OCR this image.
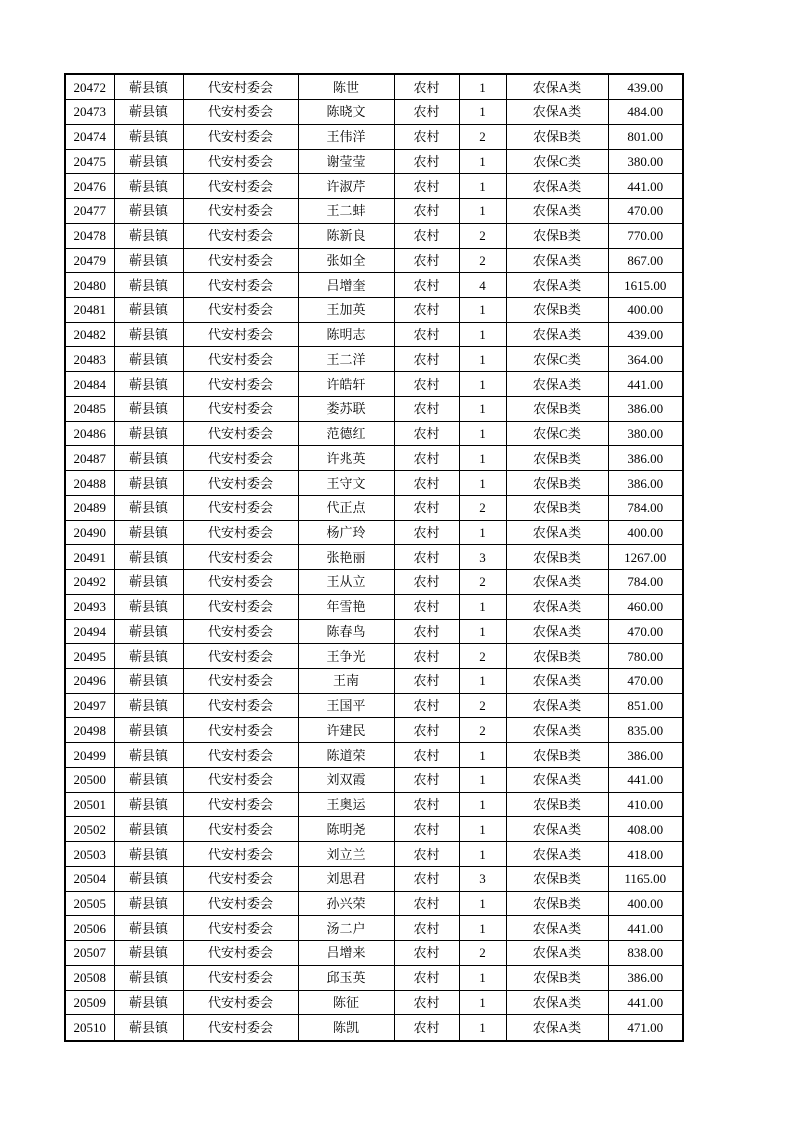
20472	蕲县镇	代安村委会	陈世	农村	1	农保A类	439.00
20473	蕲县镇	代安村委会	陈晓文	农村	1	农保A类	484.00
20474	蕲县镇	代安村委会	王伟洋	农村	2	农保B类	801.00
20475	蕲县镇	代安村委会	谢莹莹	农村	1	农保C类	380.00
20476	蕲县镇	代安村委会	许淑芹	农村	1	农保A类	441.00
20477	蕲县镇	代安村委会	王二蚌	农村	1	农保A类	470.00
20478	蕲县镇	代安村委会	陈新良	农村	2	农保B类	770.00
20479	蕲县镇	代安村委会	张如全	农村	2	农保A类	867.00
20480	蕲县镇	代安村委会	吕增奎	农村	4	农保A类	1615.00
20481	蕲县镇	代安村委会	王加英	农村	1	农保B类	400.00
20482	蕲县镇	代安村委会	陈明志	农村	1	农保A类	439.00
20483	蕲县镇	代安村委会	王二洋	农村	1	农保C类	364.00
20484	蕲县镇	代安村委会	许皓轩	农村	1	农保A类	441.00
20485	蕲县镇	代安村委会	娄苏联	农村	1	农保B类	386.00
20486	蕲县镇	代安村委会	范德红	农村	1	农保C类	380.00
20487	蕲县镇	代安村委会	许兆英	农村	1	农保B类	386.00
20488	蕲县镇	代安村委会	王守文	农村	1	农保B类	386.00
20489	蕲县镇	代安村委会	代正点	农村	2	农保B类	784.00
20490	蕲县镇	代安村委会	杨广玲	农村	1	农保A类	400.00
20491	蕲县镇	代安村委会	张艳丽	农村	3	农保B类	1267.00
20492	蕲县镇	代安村委会	王从立	农村	2	农保A类	784.00
20493	蕲县镇	代安村委会	年雪艳	农村	1	农保A类	460.00
20494	蕲县镇	代安村委会	陈春鸟	农村	1	农保A类	470.00
20495	蕲县镇	代安村委会	王争光	农村	2	农保B类	780.00
20496	蕲县镇	代安村委会	王南	农村	1	农保A类	470.00
20497	蕲县镇	代安村委会	王国平	农村	2	农保A类	851.00
20498	蕲县镇	代安村委会	许建民	农村	2	农保A类	835.00
20499	蕲县镇	代安村委会	陈道荣	农村	1	农保B类	386.00
20500	蕲县镇	代安村委会	刘双霞	农村	1	农保A类	441.00
20501	蕲县镇	代安村委会	王奥运	农村	1	农保B类	410.00
20502	蕲县镇	代安村委会	陈明尧	农村	1	农保A类	408.00
20503	蕲县镇	代安村委会	刘立兰	农村	1	农保A类	418.00
20504	蕲县镇	代安村委会	刘思君	农村	3	农保B类	1165.00
20505	蕲县镇	代安村委会	孙兴荣	农村	1	农保B类	400.00
20506	蕲县镇	代安村委会	汤二户	农村	1	农保A类	441.00
20507	蕲县镇	代安村委会	吕增来	农村	2	农保A类	838.00
20508	蕲县镇	代安村委会	邱玉英	农村	1	农保B类	386.00
20509	蕲县镇	代安村委会	陈征	农村	1	农保A类	441.00
20510	蕲县镇	代安村委会	陈凯	农村	1	农保A类	471.00
